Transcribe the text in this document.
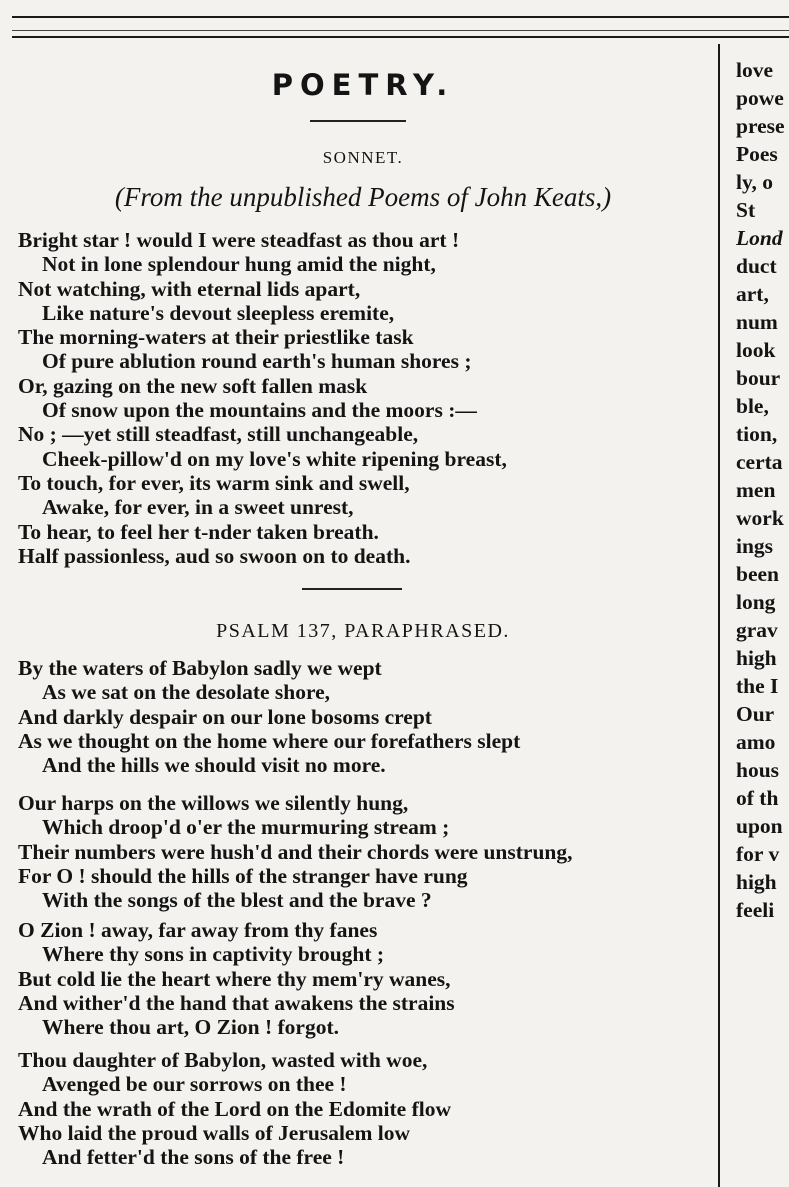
POETRY.
SONNET.
(From the unpublished Poems of John Keats,)
Bright star ! would I were steadfast as thou art !
Not in lone splendour hung amid the night,
Not watching, with eternal lids apart,
Like nature's devout sleepless eremite,
The morning-waters at their priestlike task
Of pure ablution round earth's human shores ;
Or, gazing on the new soft fallen mask
Of snow upon the mountains and the moors :—
No ; —yet still steadfast, still unchangeable,
Cheek-pillow'd on my love's white ripening breast,
To touch, for ever, its warm sink and swell,
Awake, for ever, in a sweet unrest,
To hear, to feel her t-nder taken breath.
Half passionless, aud so swoon on to death.
PSALM 137, PARAPHRASED.
By the waters of Babylon sadly we wept
As we sat on the desolate shore,
And darkly despair on our lone bosoms crept
As we thought on the home where our forefathers slept
And the hills we should visit no more.
Our harps on the willows we silently hung,
Which droop'd o'er the murmuring stream ;
Their numbers were hush'd and their chords were unstrung,
For O ! should the hills of the stranger have rung
With the songs of the blest and the brave ?
O Zion ! away, far away from thy fanes
Where thy sons in captivity brought ;
But cold lie the heart where thy mem'ry wanes,
And wither'd the hand that awakens the strains
Where thou art, O Zion ! forgot.
Thou daughter of Babylon, wasted with woe,
Avenged be our sorrows on thee !
And the wrath of the Lord on the Edomite flow
Who laid the proud walls of Jerusalem low
And fetter'd the sons of the free !
love
powe
prese
Poes
ly, o
St
Lond
duct
art,
num
look
bour
ble,
tion,
certa
men
work
ings
been
long
grav
high
the I
Our
amo
hous
of th
upon
for v
high
feeli
